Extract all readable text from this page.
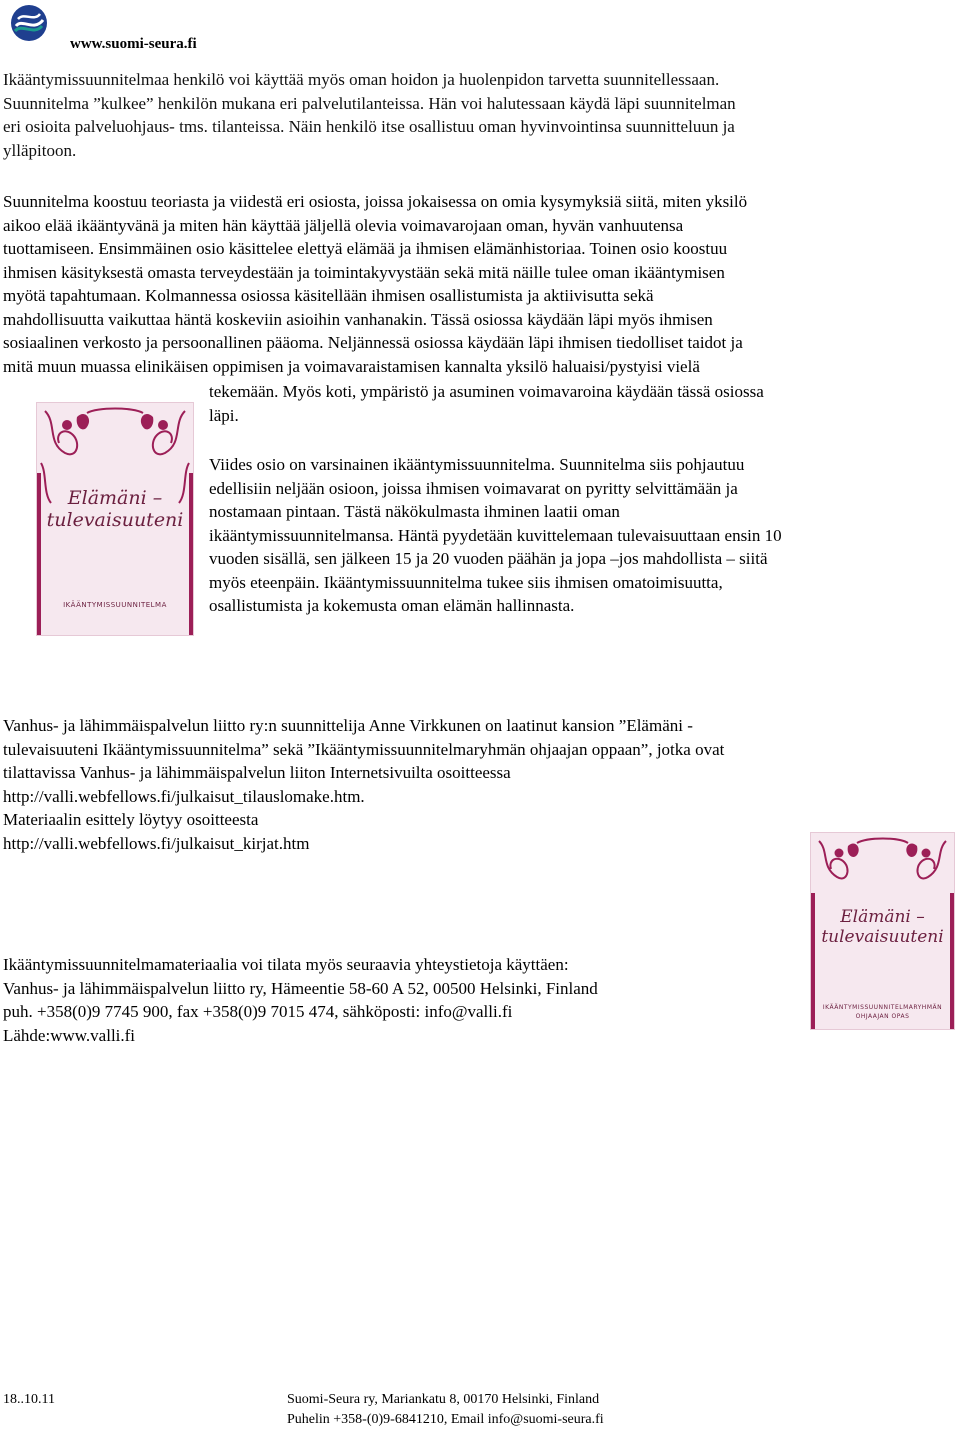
www.suomi-seura.fi

Ikääntymissuunnitelmaa henkilö voi käyttää myös oman hoidon ja huolenpidon tarvetta suunnitellessaan.
Suunnitelma ”kulkee” henkilön mukana eri palvelutilanteissa. Hän voi halutessaan käydä läpi suunnitelman
eri osioita palveluohjaus- tms. tilanteissa. Näin henkilö itse osallistuu oman hyvinvointinsa suunnitteluun ja
ylläpitoon.

Suunnitelma koostuu teoriasta ja viidestä eri osiosta, joissa jokaisessa on omia kysymyksiä siitä, miten yksilö
aikoo elää ikääntyvänä ja miten hän käyttää jäljellä olevia voimavarojaan oman, hyvän vanhuutensa
tuottamiseen. Ensimmäinen osio käsittelee elettyä elämää ja ihmisen elämänhistoriaa. Toinen osio koostuu
ihmisen käsityksestä omasta terveydestään ja toimintakyvystään sekä mitä näille tulee oman ikääntymisen
myötä tapahtumaan. Kolmannessa osiossa käsitellään ihmisen osallistumista ja aktiivisutta sekä
mahdollisuutta vaikuttaa häntä koskeviin asioihin vanhanakin. Tässä osiossa käydään läpi myös ihmisen
sosiaalinen verkosto ja persoonallinen pääoma. Neljännessä osiossa käydään läpi ihmisen tiedolliset taidot ja
mitä muun muassa elinikäisen oppimisen ja voimavaraistamisen kannalta yksilö haluaisi/pystyisi vielä

tekemään. Myös koti, ympäristö ja asuminen voimavaroina käydään tässä osiossa
läpi.

Elämäni –
tulevaisuuteni
IKÄÄNTYMISSUUNNITELMA

Viides osio on varsinainen ikääntymissuunnitelma. Suunnitelma siis pohjautuu
edellisiin neljään osioon, joissa ihmisen voimavarat on pyritty selvittämään ja
nostamaan pintaan. Tästä näkökulmasta ihminen laatii oman
ikääntymissuunnitelmansa. Häntä pyydetään kuvittelemaan tulevaisuuttaan ensin 10
vuoden sisällä, sen jälkeen 15 ja 20 vuoden päähän ja jopa –jos mahdollista – siitä
myös eteenpäin. Ikääntymissuunnitelma tukee siis ihmisen omatoimisuutta,
osallistumista ja kokemusta oman elämän hallinnasta.

Vanhus- ja lähimmäispalvelun liitto ry:n suunnittelija Anne Virkkunen on laatinut kansion ”Elämäni -
tulevaisuuteni Ikääntymissuunnitelma” sekä ”Ikääntymissuunnitelmaryhmän ohjaajan oppaan”, jotka ovat
tilattavissa Vanhus- ja lähimmäispalvelun liiton Internetsivuilta osoitteessa
http://valli.webfellows.fi/julkaisut_tilauslomake.htm.
Materiaalin esittely löytyy osoitteesta
http://valli.webfellows.fi/julkaisut_kirjat.htm

Elämäni –
tulevaisuuteni
IKÄÄNTYMISSUUNNITELMARYHMÄN
OHJAAJAN OPAS

Ikääntymissuunnitelmamateriaalia voi tilata myös seuraavia yhteystietoja käyttäen:
Vanhus- ja lähimmäispalvelun liitto ry, Hämeentie 58-60 A 52, 00500 Helsinki, Finland
puh. +358(0)9 7745 900, fax +358(0)9 7015 474, sähköposti: info@valli.fi
Lähde:www.valli.fi

18..10.11	Suomi-Seura ry, Mariankatu 8, 00170 Helsinki, Finland
Puhelin +358-(0)9-6841210, Email info@suomi-seura.fi
